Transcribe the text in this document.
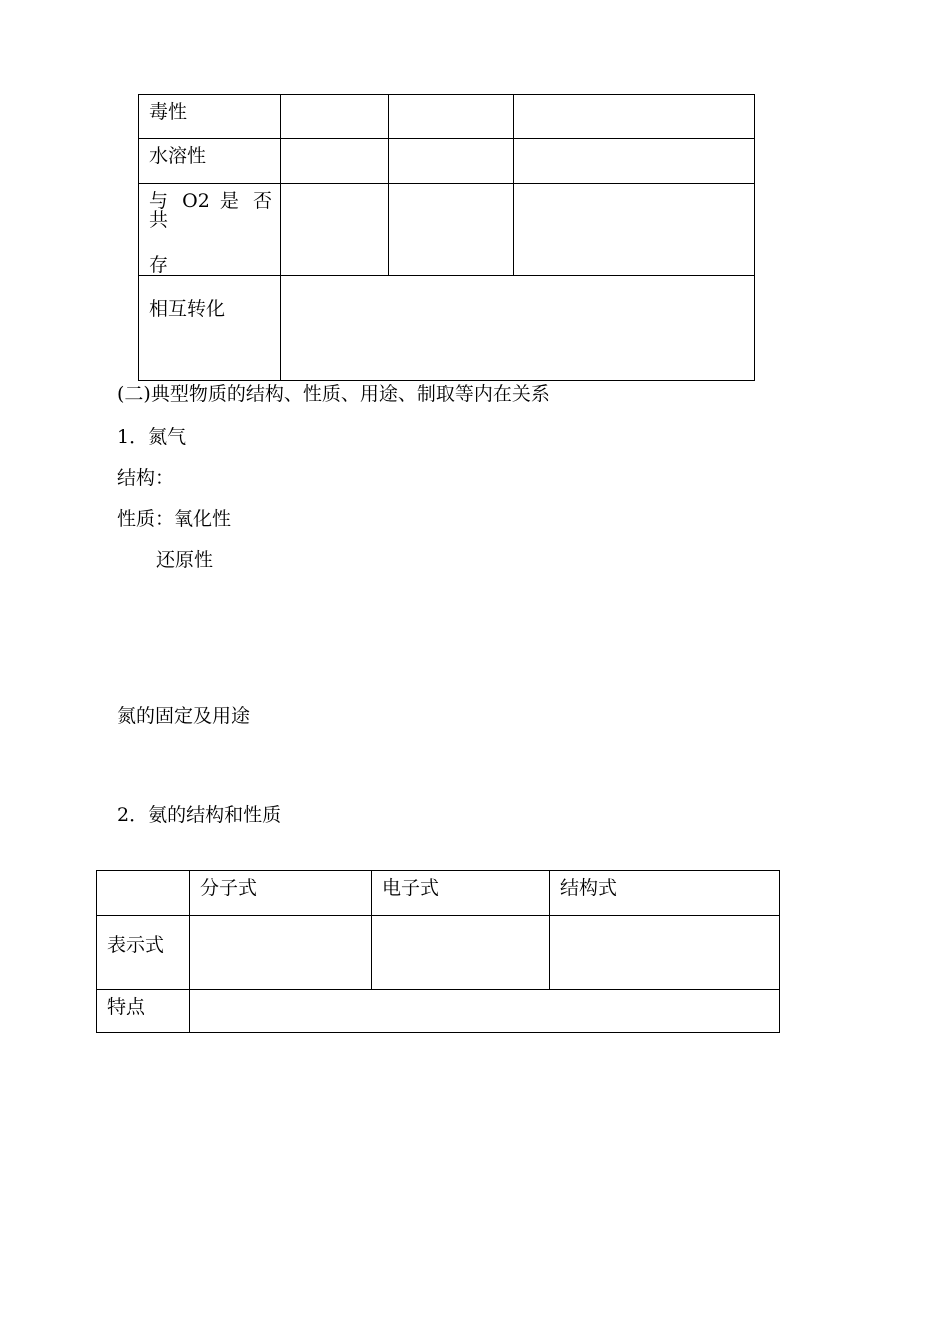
毒性			

水溶性			

与 O2 是 否 共
存			

相互转化			

(二)典型物质的结构、性质、用途、制取等内在关系
1．氮气
结构：
性质：氧化性
还原性
氮的固定及用途
2．氨的结构和性质

	分子式	电子式	结构式

表示式			

特点			
